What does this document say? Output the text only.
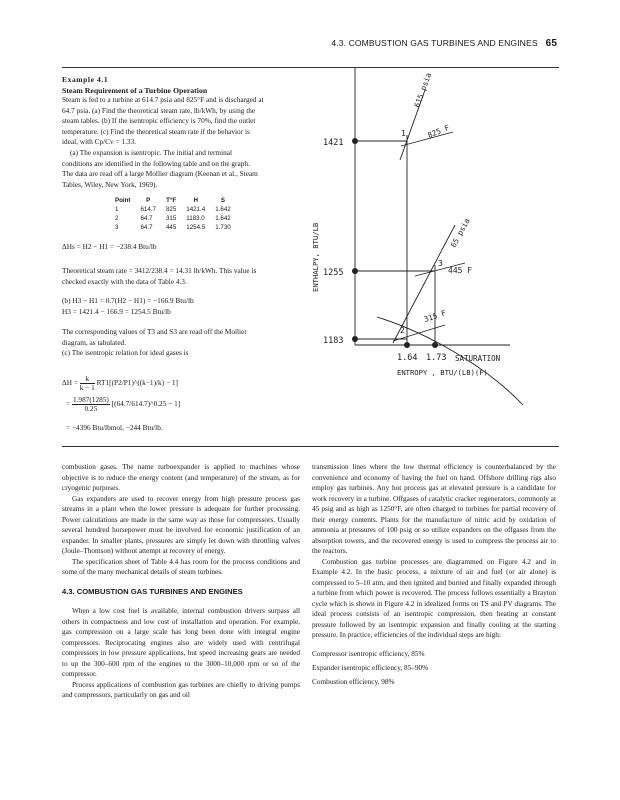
4.3. COMBUSTION GAS TURBINES AND ENGINES 65
Example 4.1
Steam Requirement of a Turbine Operation
Steam is fed to a turbine at 614.7 psia and 825°F and is discharged at
64.7 psia. (a) Find the theoretical steam rate, lb/kWh, by using the
steam tables. (b) If the isentropic efficiency is 70%, find the outlet
temperature. (c) Find the theoretical steam rate if the behavior is
ideal, with Cp/Cv = 1.33.
(a) The expansion is isentropic. The initial and terminal
conditions are identified in the following table and on the graph.
The data are read off a large Mollier diagram (Keenan et al., Steam
Tables, Wiley, New York, 1969).
Point	P	T°F	H	S
1	614.7	825	1421.4	1.642
2	64.7	315	1183.0	1.642
3	64.7	445	1254.5	1.730
ΔHs = H2 − H1 = −238.4 Btu/lb
Theoretical steam rate = 3412/238.4 = 14.31 lb/kWh. This value is
checked exactly with the data of Table 4.3.
(b) H3 − H1 = 0.7(H2 − H1) = −166.9 Btu/lb
H3 = 1421.4 − 166.9 = 1254.5 Btu/lb
The corresponding values of T3 and S3 are read off the Mollier
diagram, as tabulated.
(c) The isentropic relation for ideal gases is
$\Delta H = \frac{k}{k - 1}$ RT1[(P2/P1)^((k−1)/k) − 1]
= $\frac{1.987(1285)}{0.25}$ [(64.7/614.7)^0.25 − 1]
= −4396 Btu/lbmol, −244 Btu/lb.
1421
1255
1183
1.64 1.73
ENTROPY , BTU/(LB)(F)
ENTHALPY, BTU/LB
615 psia
65 psia
825 F
445 F
315 F
1
3
2
SATURATION

combustion gases. The name turboexpander is applied to machines whose objective is to reduce the energy content (and temperature) of the stream, as for cryogenic purposes.

Gas expanders are used to recover energy from high pressure process gas streams in a plant when the lower pressure is adequate for further processing. Power calculations are made in the same way as those for compressors. Usually several hundred horsepower must be involved for economic justification of an expander. In smaller plants, pressures are simply let down with throttling valves (Joule–Thomson) without attempt at recovery of energy.

The specification sheet of Table 4.4 has room for the process conditions and some of the many mechanical details of steam turbines.

4.3. COMBUSTION GAS TURBINES AND ENGINES

When a low cost fuel is available, internal combustion drivers surpass all others in compactness and low cost of installation and operation. For example, gas compression on a large scale has long been done with integral engine compressors. Reciprocating engines also are widely used with centrifugal compressors in low pressure applications, but speed increasing gears are needed to up the 300–600 rpm of the engines to the 3000–10,000 rpm or so of the compressor.

Process applications of combustion gas turbines are chiefly to driving pumps and compressors, particularly on gas and oil

transmission lines where the low thermal efficiency is counterbalanced by the convenience and economy of having the fuel on hand. Offshore drilling rigs also employ gas turbines. Any hot process gas at elevated pressure is a candidate for work recovery in a turbine. Offgases of catalytic cracker regenerators, commonly at 45 psig and as high as 1250°F, are often charged to turbines for partial recovery of their energy contents. Plants for the manufacture of nitric acid by oxidation of ammonia at pressures of 100 psig or so utilize expanders on the offgases from the absorption towers, and the recovered energy is used to compress the process air to the reactors.

Combustion gas turbine processes are diagrammed on Figure 4.2 and in Example 4.2. In the basic process, a mixture of air and fuel (or air alone) is compressed to 5–10 atm, and then ignited and burned and finally expanded through a turbine from which power is recovered. The process follows essentially a Brayton cycle which is shown in Figure 4.2 in idealized forms on TS and PV diagrams. The ideal process consists of an isentropic compression, then heating at constant pressure followed by an isentropic expansion and finally cooling at the starting pressure. In practice, efficiencies of the individual steps are high:

Compressor isentropic efficiency, 85%
Expander isentropic efficiency, 85–90%
Combustion efficiency, 98%
